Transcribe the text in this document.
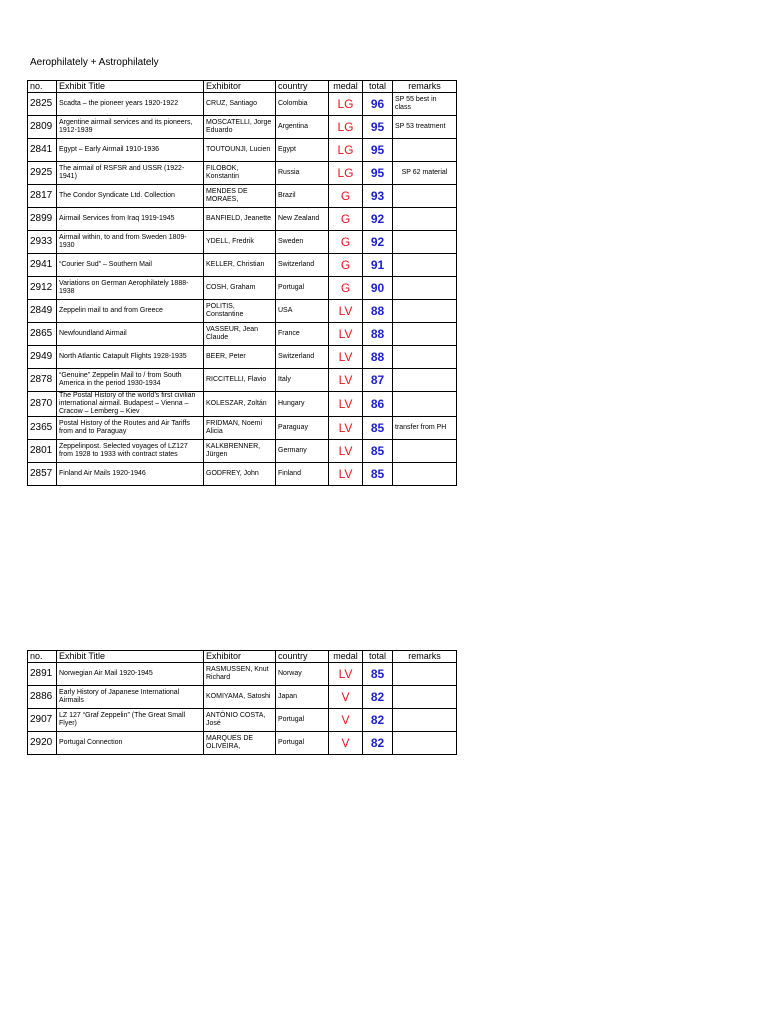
Aerophilately + Astrophilately
no.	Exhibit Title	Exhibitor	country	medal	total	remarks
2825	Scadta – the pioneer years 1920-1922	CRUZ, Santiago	Colombia	LG	96	SP 55 best in class
2809	Argentine airmail services and its pioneers, 1912-1939	MOSCATELLI, Jorge Eduardo	Argentina	LG	95	SP 53 treatment
2841	Egypt – Early Airmail 1910-1936	TOUTOUNJI, Lucien	Egypt	LG	95	
2925	The airmail of RSFSR and USSR (1922-1941)	FILOBOK, Konstantin	Russia	LG	95	SP 62 material
2817	The Condor Syndicate Ltd. Collection	MENDES DE MORAES,	Brazil	G	93	
2899	Airmail Services from Iraq 1919-1945	BANFIELD, Jeanette	New Zealand	G	92	
2933	Airmail within, to and from Sweden 1809-1930	YDELL, Fredrik	Sweden	G	92	
2941	“Courier Sud” – Southern Mail	KELLER, Christian	Switzerland	G	91	
2912	Variations on German Aerophilately 1888-1938	COSH, Graham	Portugal	G	90	
2849	Zeppelin mail to and from Greece	POLITIS, Constantine	USA	LV	88	
2865	Newfoundland Airmail	VASSEUR, Jean Claude	France	LV	88	
2949	North Atlantic Catapult Flights 1928-1935	BEER, Peter	Switzerland	LV	88	
2878	“Genuine” Zeppelin Mail to / from South America in the period 1930-1934	RICCITELLI, Flavio	Italy	LV	87	
2870	The Postal History of the world’s first civilian international airmail. Budapest – Vienna – Cracow – Lemberg – Kiev	KOLESZAR, Zoltán	Hungary	LV	86	
2365	Postal History of the Routes and Air Tariffs from and to Paraguay	FRIDMAN, Noemi Alicia	Paraguay	LV	85	transfer from PH
2801	Zeppelinpost. Selected voyages of LZ127 from 1928 to 1933 with contract states	KALKBRENNER, Jürgen	Germany	LV	85	
2857	Finland Air Mails 1920-1946	GODFREY, John	Finland	LV	85	
no.	Exhibit Title	Exhibitor	country	medal	total	remarks
2891	Norwegian Air Mail 1920-1945	RASMUSSEN, Knut Richard	Norway	LV	85	
2886	Early History of Japanese International Airmails	KOMIYAMA, Satoshi	Japan	V	82	
2907	LZ 127 “Graf Zeppelin” (The Great Small Flyer)	ANTÓNIO COSTA, José	Portugal	V	82	
2920	Portugal Connection	MARQUES DE OLIVEIRA,	Portugal	V	82	
